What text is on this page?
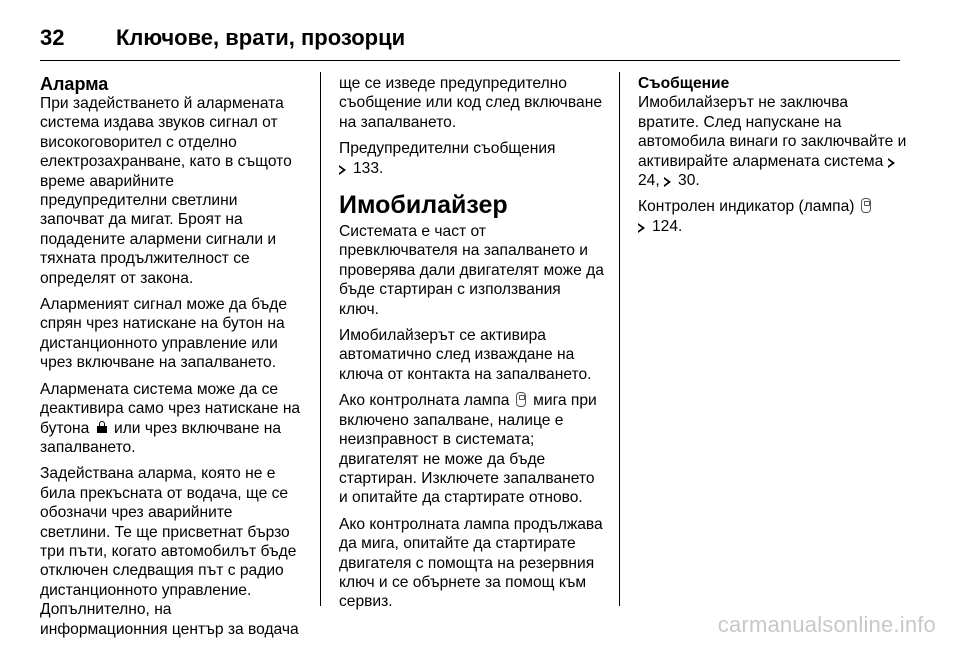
32	Ключове, врати, прозорци
Аларма

При задействането й алармената система издава звуков сигнал от високоговорител с отделно електрозахранване, като в същото време аварийните предупредителни светлини започват да мигат. Броят на подадените алармени сигнали и тяхната продължителност се определят от закона.

Алармeният сигнал може да бъде спрян чрез натискане на бутон на дистанционното управление или чрез включване на запалването.

Алармената система може да се деактивира само чрез натискане на бутона или чрез включване на запалването.

Задействана аларма, която не е била прекъсната от водача, ще се обозначи чрез аварийните светлини. Те ще присветнат бързо три пъти, когато автомобилът бъде отключен следващия път с радио дистанционното управление. Допълнително, на информационния център за водача

ще се изведе предупредително съобщение или код след включване на запалването.

Предупредителни съобщения
133.

Имобилайзер

Системата е част от превключвателя на запалването и проверява дали двигателят може да бъде стартиран с използвания ключ.

Имобилайзерът се активира автоматично след изваждане на ключа от контакта на запалването.

Ако контролната лампа мига при включено запалване, налице е неизправност в системата; двигателят не може да бъде стартиран. Изключете запалването и опитайте да стартирате отново.

Ако контролната лампа продължава да мига, опитайте да стартирате двигателя с помощта на резервния ключ и се обърнете за помощ към сервиз.

Съобщение

Имобилайзерът не заключва вратите. След напускане на автомобила винаги го заключвайте и активирайте алармената система 24, 30.

Контролен индикатор (лампа)

124.

carmanualsonline.info
